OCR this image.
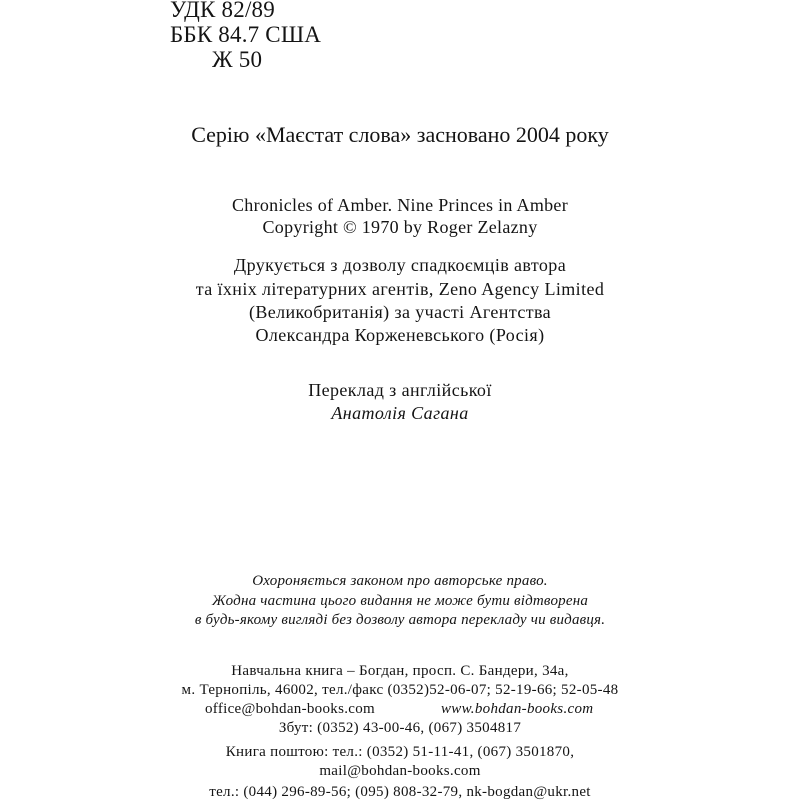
УДК 82/89
ББК 84.7 США
Ж 50
Серію «Маєстат слова» засновано 2004 року
Chronicles of Amber. Nine Princes in Amber
Copyright © 1970 by Roger Zelazny
Друкується з дозволу спадкоємців автора
та їхніх літературних агентів, Zeno Agency Limited
(Великобританія) за участі Агентства
Олександра Корженевського (Росія)
Переклад з англійської
Анатолія Сагана
Охороняється законом про авторське право.
Жодна частина цього видання не може бути відтворена
в будь-якому вигляді без дозволу автора перекладу чи видавця.
Навчальна книга – Богдан, просп. С. Бандери, 34а,
м. Тернопіль, 46002, тел./факс (0352)52-06-07; 52-19-66; 52-05-48
office@bohdan-books.com	www.bohdan-books.com
Збут: (0352) 43-00-46, (067) 3504817
Книга поштою: тел.: (0352) 51-11-41, (067) 3501870,
mail@bohdan-books.com
тел.: (044) 296-89-56; (095) 808-32-79, nk-bogdan@ukr.net
